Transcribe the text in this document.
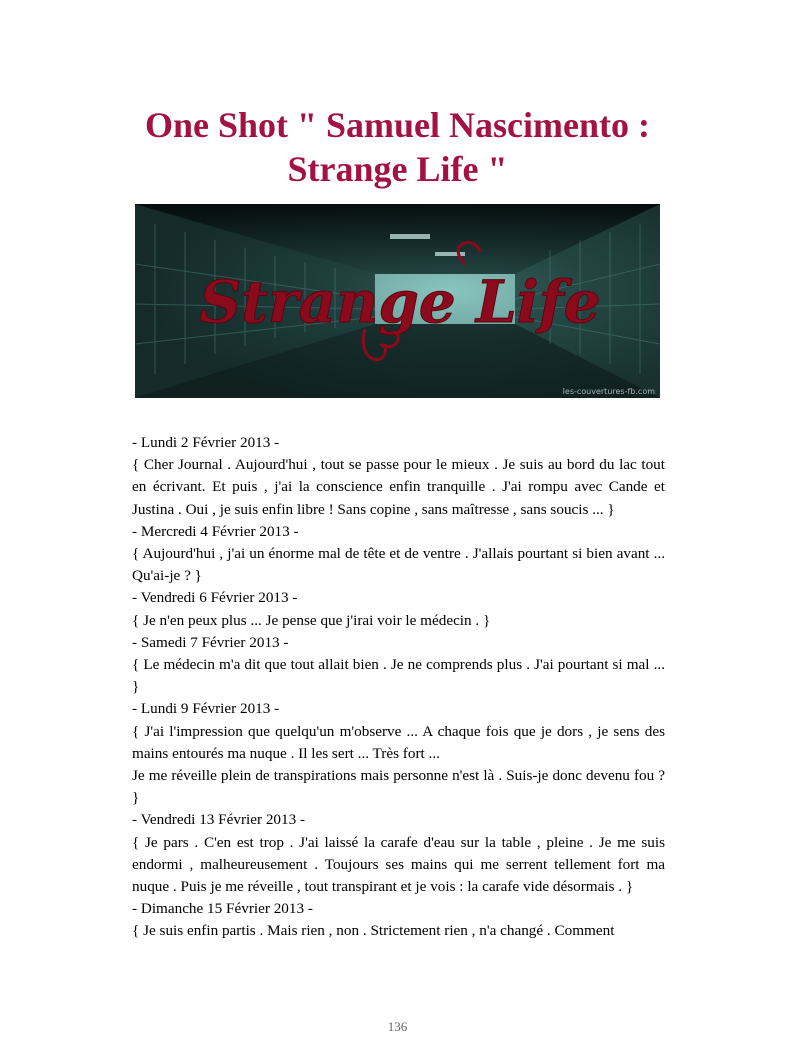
One Shot " Samuel Nascimento :
Strange Life "
Strange Life
les-couvertures-fb.com

- Lundi 2 Février 2013 -

{ Cher Journal . Aujourd'hui , tout se passe pour le mieux . Je suis au bord du lac tout en écrivant. Et puis , j'ai la conscience enfin tranquille . J'ai rompu avec Cande et Justina . Oui , je suis enfin libre ! Sans copine , sans maîtresse , sans soucis ... }

- Mercredi 4 Février 2013 -

{ Aujourd'hui , j'ai un énorme mal de tête et de ventre . J'allais pourtant si bien avant ... Qu'ai-je ? }

- Vendredi 6 Février 2013 -

{ Je n'en peux plus ... Je pense que j'irai voir le médecin . }

- Samedi 7 Février 2013 -

{ Le médecin m'a dit que tout allait bien . Je ne comprends plus . J'ai pourtant si mal ... }

- Lundi 9 Février 2013 -

{ J'ai l'impression que quelqu'un m'observe ... A chaque fois que je dors , je sens des mains entourés ma nuque . Il les sert ... Très fort ...

Je me réveille plein de transpirations mais personne n'est là . Suis-je donc devenu fou ? }

- Vendredi 13 Février 2013 -

{ Je pars . C'en est trop . J'ai laissé la carafe d'eau sur la table , pleine . Je me suis endormi , malheureusement . Toujours ses mains qui me serrent tellement fort ma nuque . Puis je me réveille , tout transpirant et je vois : la carafe vide désormais . }

- Dimanche 15 Février 2013 -

{ Je suis enfin partis . Mais rien , non . Strictement rien , n'a changé . Comment

136
